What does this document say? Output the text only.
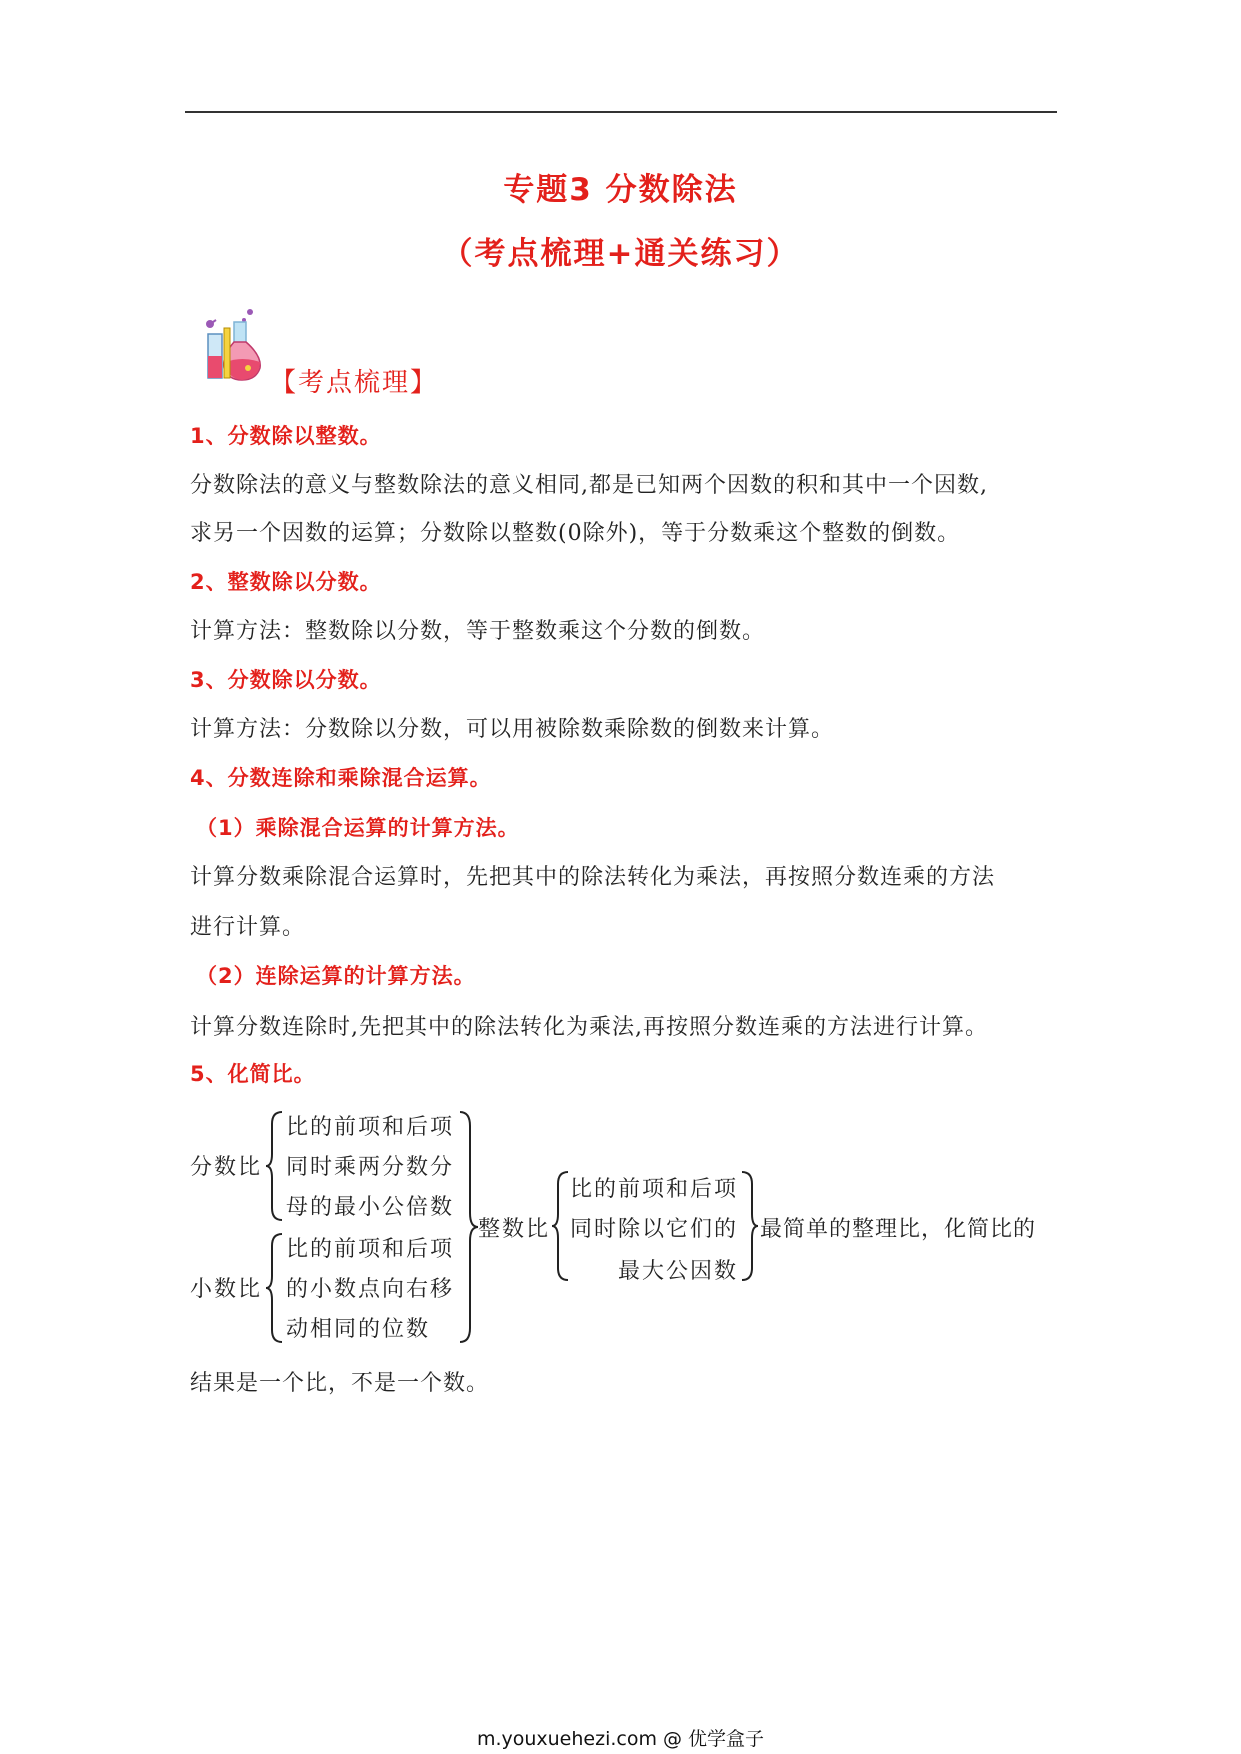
专题3 分数除法
（考点梳理+通关练习）
【考点梳理】
1、分数除以整数。
分数除法的意义与整数除法的意义相同,都是已知两个因数的积和其中一个因数,
求另一个因数的运算；分数除以整数(0除外)，等于分数乘这个整数的倒数。
2、整数除以分数。
计算方法：整数除以分数，等于整数乘这个分数的倒数。
3、分数除以分数。
计算方法：分数除以分数，可以用被除数乘除数的倒数来计算。
4、分数连除和乘除混合运算。
（1）乘除混合运算的计算方法。
计算分数乘除混合运算时，先把其中的除法转化为乘法，再按照分数连乘的方法
进行计算。
（2）连除运算的计算方法。
计算分数连除时,先把其中的除法转化为乘法,再按照分数连乘的方法进行计算。
5、化简比。
分数比
比的前项和后项
同时乘两分数分
母的最小公倍数
小数比
比的前项和后项
的小数点向右移
动相同的位数
整数比
比的前项和后项
同时除以它们的
最大公因数
最简单的整理比，化简比的
结果是一个比，不是一个数。
m.youxuehezi.com @ 优学盒子
